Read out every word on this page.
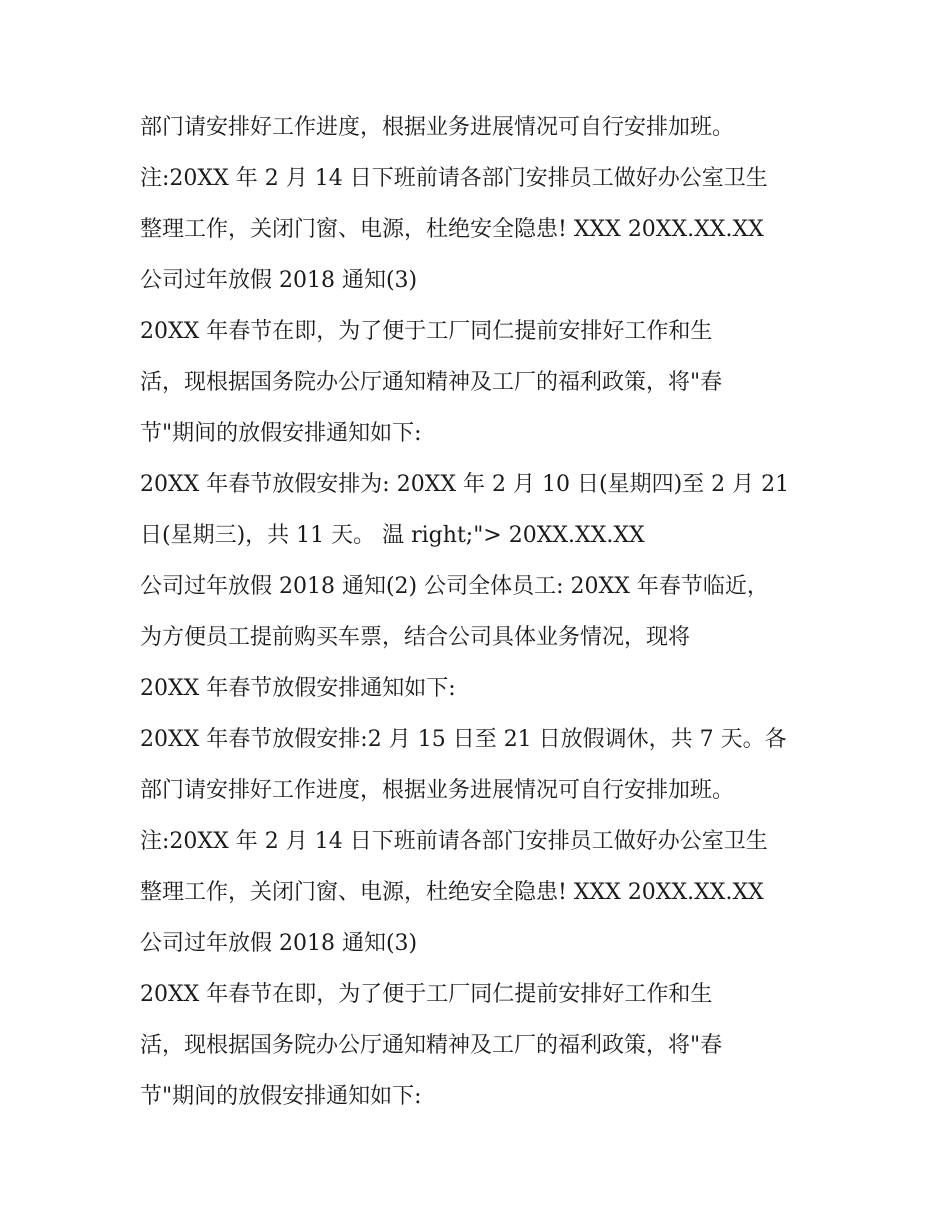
部门请安排好工作进度，根据业务进展情况可自行安排加班。
注:20XX 年 2 月 14 日下班前请各部门安排员工做好办公室卫生
整理工作，关闭门窗、电源，杜绝安全隐患! XXX 20XX.XX.XX
公司过年放假 2018 通知(3)
20XX 年春节在即，为了便于工厂同仁提前安排好工作和生
活，现根据国务院办公厅通知精神及工厂的福利政策，将"春
节"期间的放假安排通知如下:
20XX 年春节放假安排为: 20XX 年 2 月 10 日(星期四)至 2 月 21
日(星期三)，共 11 天。 温 right;"> 20XX.XX.XX
公司过年放假 2018 通知(2) 公司全体员工: 20XX 年春节临近，
为方便员工提前购买车票，结合公司具体业务情况，现将
20XX 年春节放假安排通知如下:
20XX 年春节放假安排:2 月 15 日至 21 日放假调休，共 7 天。各
部门请安排好工作进度，根据业务进展情况可自行安排加班。
注:20XX 年 2 月 14 日下班前请各部门安排员工做好办公室卫生
整理工作，关闭门窗、电源，杜绝安全隐患! XXX 20XX.XX.XX
公司过年放假 2018 通知(3)
20XX 年春节在即，为了便于工厂同仁提前安排好工作和生
活，现根据国务院办公厅通知精神及工厂的福利政策，将"春
节"期间的放假安排通知如下:
